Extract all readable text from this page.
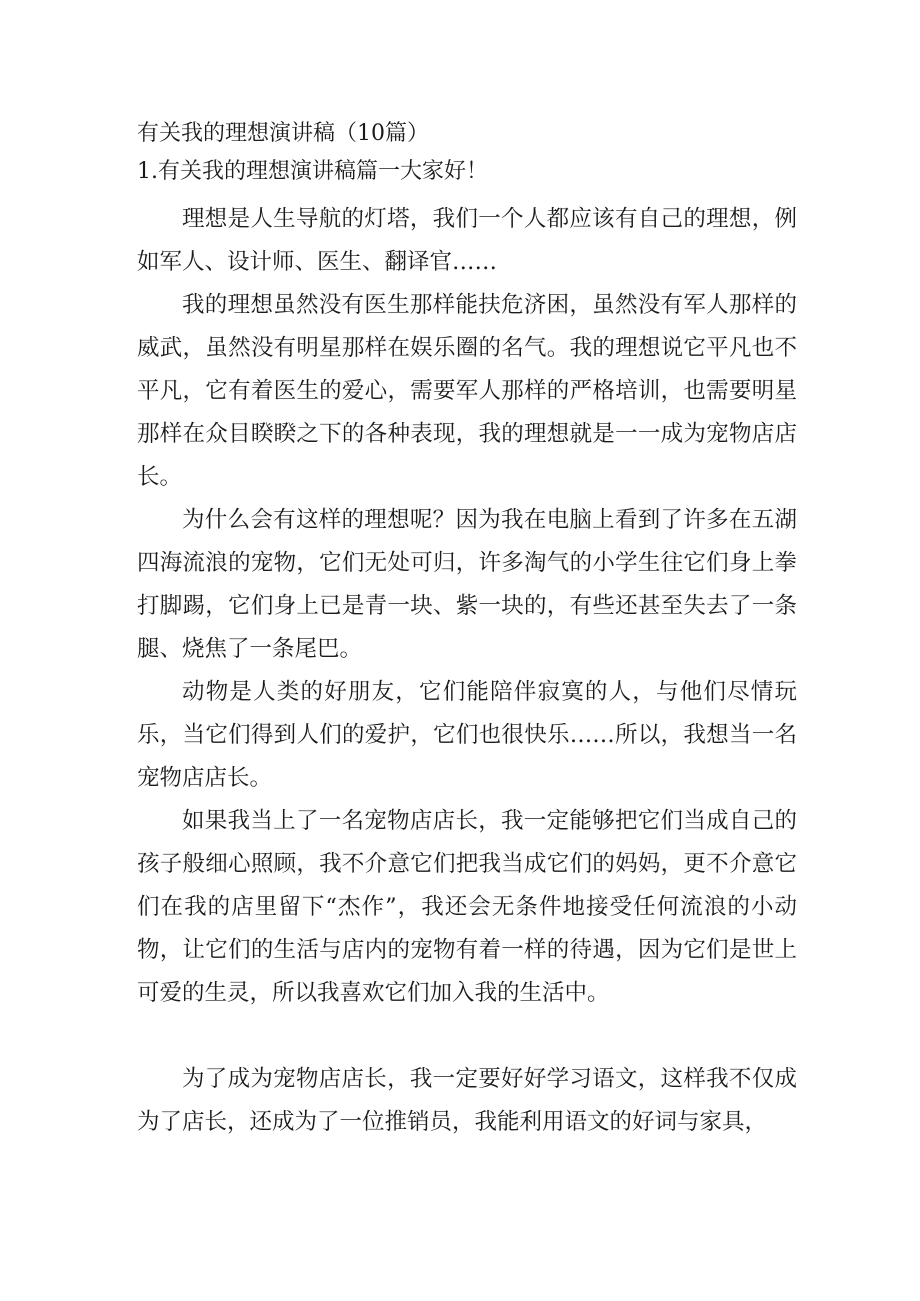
有关我的理想演讲稿（10篇）
1.有关我的理想演讲稿篇一大家好！

理想是人生导航的灯塔，我们一个人都应该有自己的理想，例如军人、设计师、医生、翻译官……

我的理想虽然没有医生那样能扶危济困，虽然没有军人那样的威武，虽然没有明星那样在娱乐圈的名气。我的理想说它平凡也不平凡，它有着医生的爱心，需要军人那样的严格培训，也需要明星那样在众目睽睽之下的各种表现，我的理想就是一一成为宠物店店长。

为什么会有这样的理想呢？因为我在电脑上看到了许多在五湖四海流浪的宠物，它们无处可归，许多淘气的小学生往它们身上拳打脚踢，它们身上已是青一块、紫一块的，有些还甚至失去了一条腿、烧焦了一条尾巴。

动物是人类的好朋友，它们能陪伴寂寞的人，与他们尽情玩乐，当它们得到人们的爱护，它们也很快乐……所以，我想当一名宠物店店长。

如果我当上了一名宠物店店长，我一定能够把它们当成自己的孩子般细心照顾，我不介意它们把我当成它们的妈妈，更不介意它们在我的店里留下“杰作”，我还会无条件地接受任何流浪的小动物，让它们的生活与店内的宠物有着一样的待遇，因为它们是世上可爱的生灵，所以我喜欢它们加入我的生活中。

为了成为宠物店店长，我一定要好好学习语文，这样我不仅成为了店长，还成为了一位推销员，我能利用语文的好词与家具，
